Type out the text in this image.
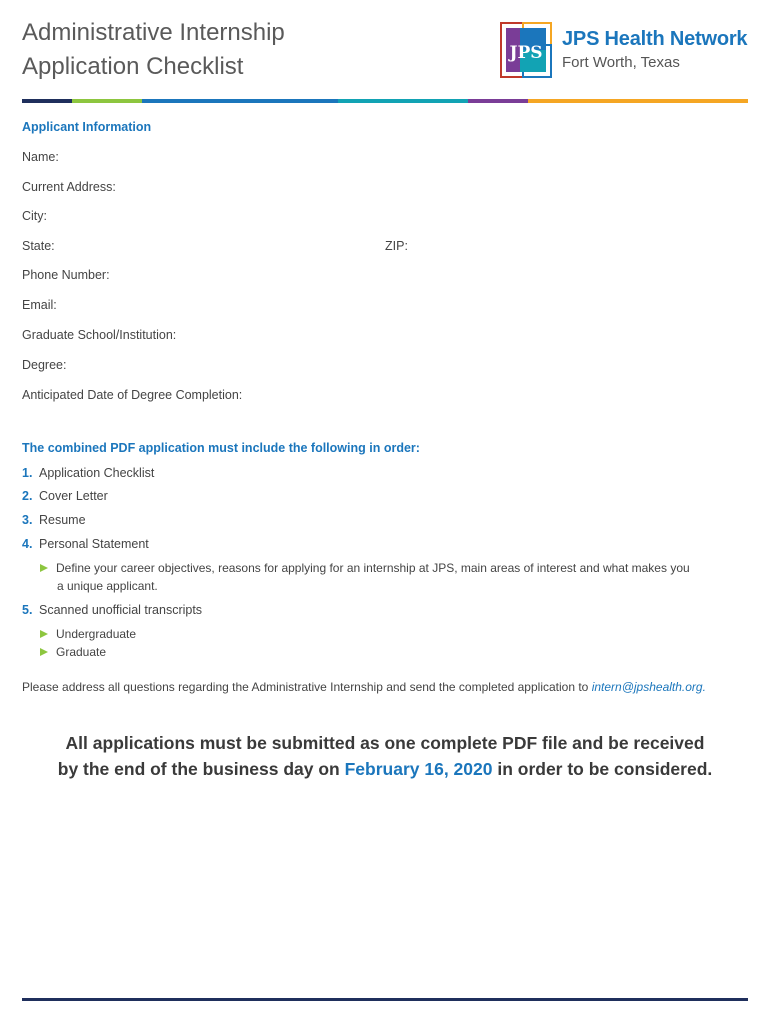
Administrative Internship
Application Checklist	JPS
JPS Health Network
Fort Worth, Texas
Applicant Information
Name:
Current Address:
City:
State:	ZIP:
Phone Number:
Email:
Graduate School/Institution:
Degree:
Anticipated Date of Degree Completion:
The combined PDF application must include the following in order:
1. Application Checklist
2. Cover Letter
3. Resume
4. Personal Statement
Define your career objectives, reasons for applying for an internship at JPS, main areas of interest and what makes you
a unique applicant.
5. Scanned unofficial transcripts
Undergraduate
Graduate
Please address all questions regarding the Administrative Internship and send the completed application to intern@jpshealth.org.
All applications must be submitted as one complete PDF file and be received
by the end of the business day on February 16, 2020 in order to be considered.
